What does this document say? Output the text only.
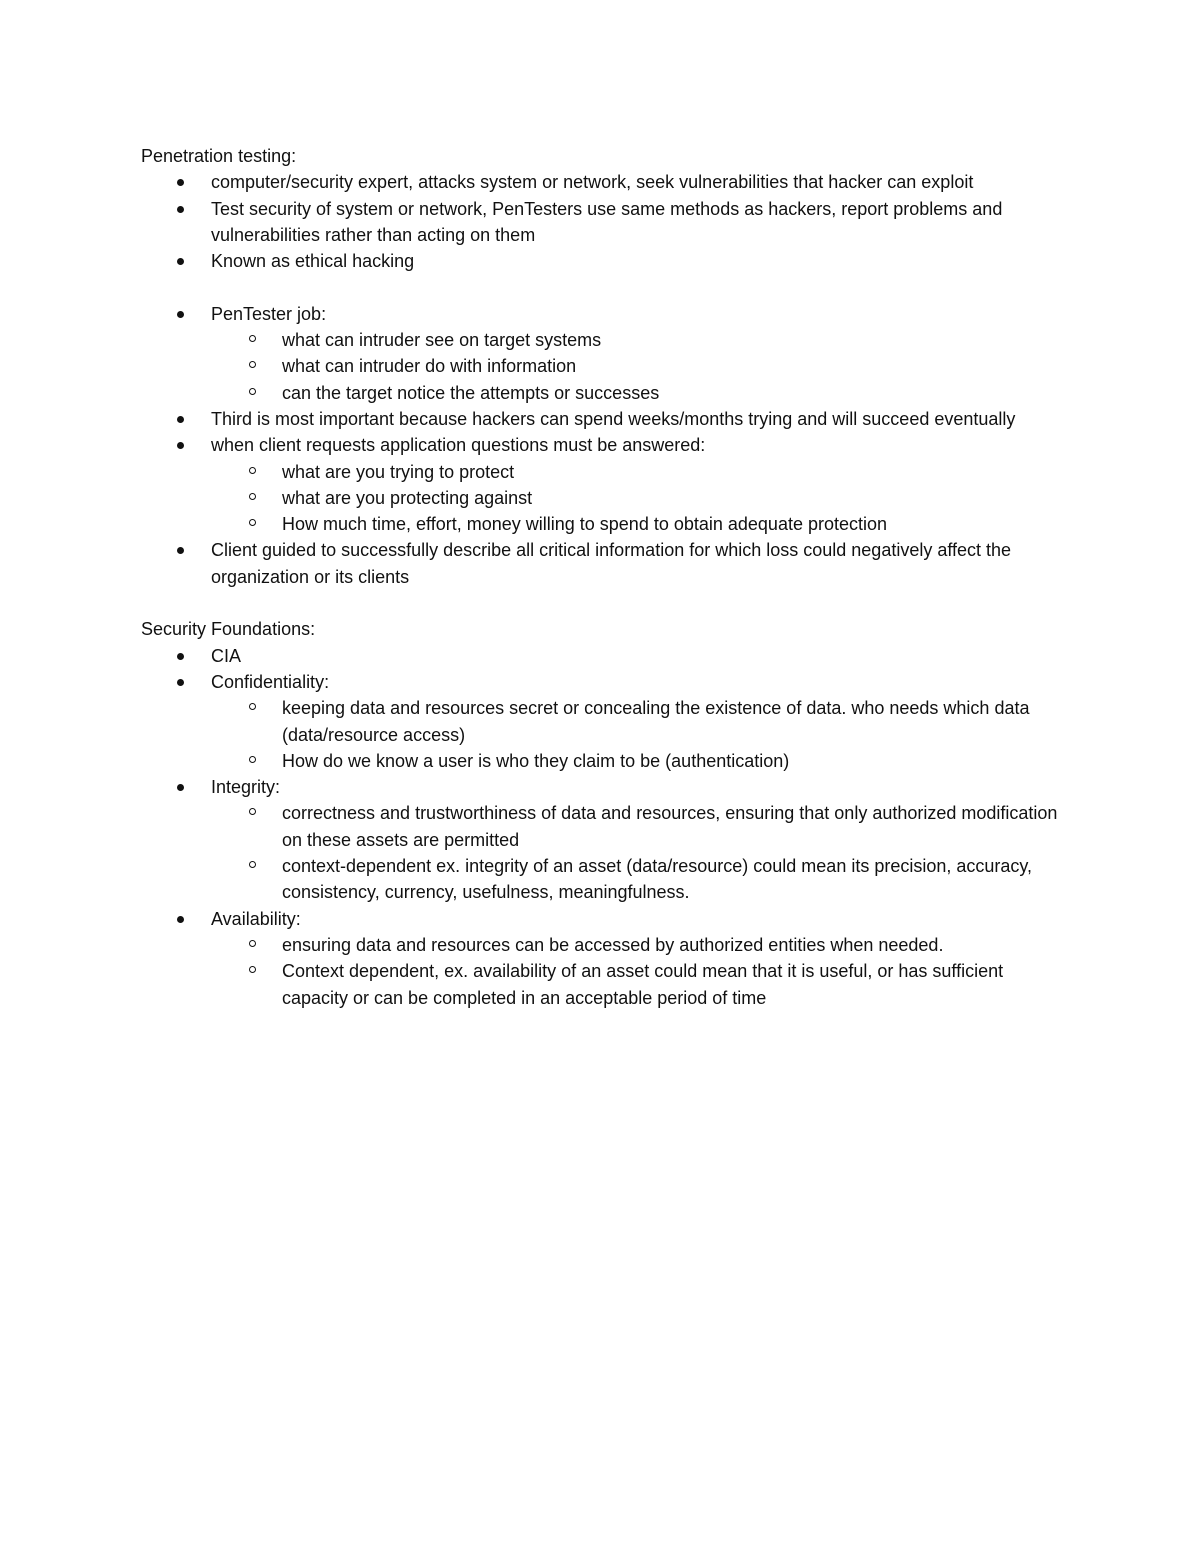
Penetration testing:
computer/security expert, attacks system or network, seek vulnerabilities that hacker can exploit
Test security of system or network, PenTesters use same methods as hackers, report problems and vulnerabilities rather than acting on them
Known as ethical hacking
PenTester job:
what can intruder see on target systems
what can intruder do with information
can the target notice the attempts or successes
Third is most important because hackers can spend weeks/months trying and will succeed eventually
when client requests application questions must be answered:
what are you trying to protect
what are you protecting against
How much time, effort, money willing to spend to obtain adequate protection
Client guided to successfully describe all critical information for which loss could negatively affect the organization or its clients
Security Foundations:
CIA
Confidentiality:
keeping data and resources secret or concealing the existence of data. who needs which data (data/resource access)
How do we know a user is who they claim to be (authentication)
Integrity:
correctness and trustworthiness of data and resources, ensuring that only authorized modification on these assets are permitted
context-dependent ex. integrity of an asset (data/resource) could mean its precision, accuracy, consistency, currency, usefulness, meaningfulness.
Availability:
ensuring data and resources can be accessed by authorized entities when needed.
Context dependent, ex. availability of an asset could mean that it is useful, or has sufficient capacity or can be completed in an acceptable period of time
